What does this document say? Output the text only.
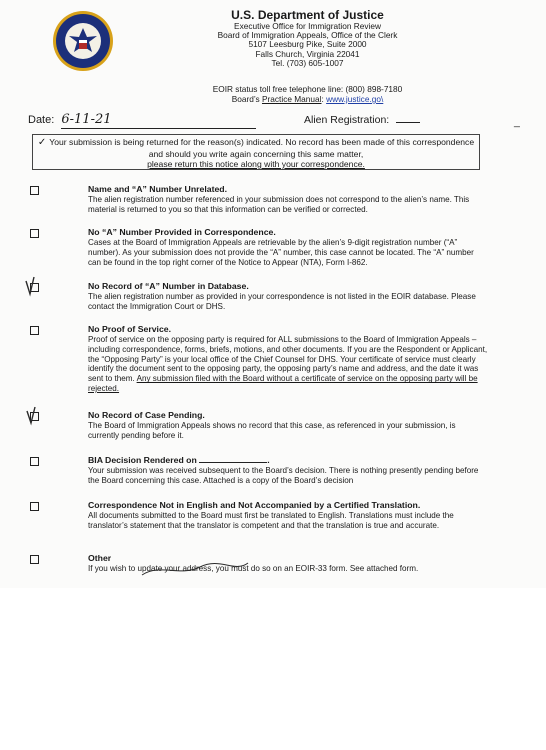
U.S. Department of Justice
Executive Office for Immigration Review
Board of Immigration Appeals, Office of the Clerk
5107 Leesburg Pike, Suite 2000
Falls Church, Virginia 22041
Tel. (703) 605-1007
EOIR status toll free telephone line: (800) 898-7180
Board’s Practice Manual: www.justice.go\
Date: 6-11-21	Alien Registration:	_
✓ Your submission is being returned for the reason(s) indicated. No record has been made of this correspondence and should you write again concerning this same matter,
please return this notice along with your correspondence.
Name and “A” Number Unrelated.
The alien registration number referenced in your submission does not correspond to the alien’s name. This material is returned to you so that this information can be verified or corrected.
No “A” Number Provided in Correspondence.
Cases at the Board of Immigration Appeals are retrievable by the alien’s 9-digit registration number (“A” number). As your submission does not provide the “A” number, this case cannot be located. The “A” number can be found in the top right corner of the Notice to Appear (NTA), Form I-862.
No Record of “A” Number in Database.
The alien registration number as provided in your correspondence is not listed in the EOIR database. Please contact the Immigration Court or DHS.
No Proof of Service.
Proof of service on the opposing party is required for ALL submissions to the Board of Immigration Appeals – including correspondence, forms, briefs, motions, and other documents. If you are the Respondent or Applicant, the “Opposing Party” is your local office of the Chief Counsel for DHS. Your certificate of service must clearly identify the document sent to the opposing party, the opposing party’s name and address, and the date it was sent to them. Any submission filed with the Board without a certificate of service on the opposing party will be rejected.
No Record of Case Pending.
The Board of Immigration Appeals shows no record that this case, as referenced in your submission, is currently pending before it.
BIA Decision Rendered on	.
Your submission was received subsequent to the Board’s decision. There is nothing presently pending before the Board concerning this case. Attached is a copy of the Board’s decision
Correspondence Not in English and Not Accompanied by a Certified Translation.
All documents submitted to the Board must first be translated to English. Translations must include the translator’s statement that the translator is competent and that the translation is true and accurate.
Other
If you wish to update your address, you must do so on an EOIR-33 form. See attached form.
